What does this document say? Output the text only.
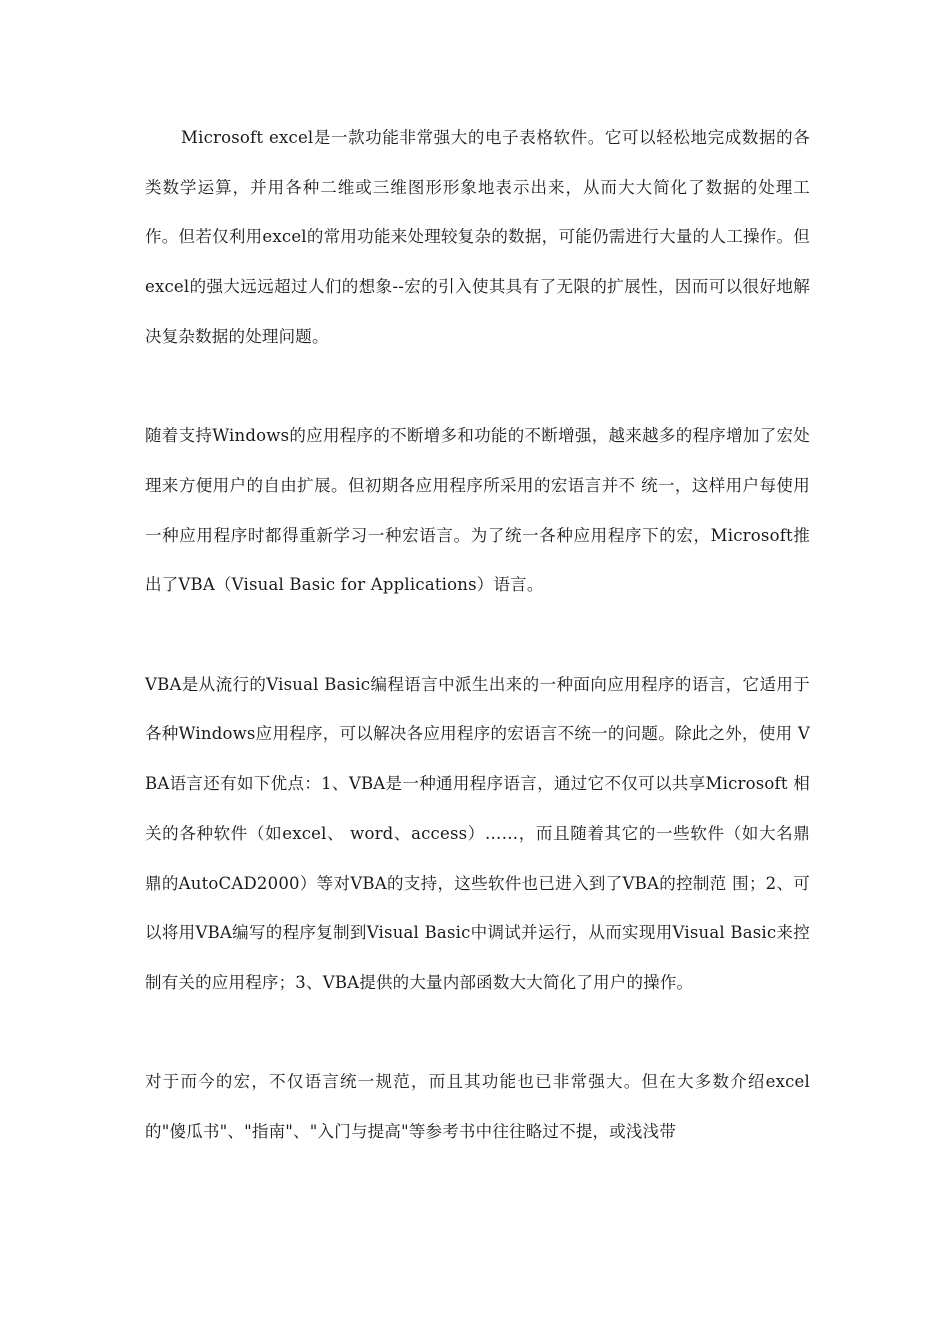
Microsoft excel是一款功能非常强大的电子表格软件。它可以轻松地完成数据的各类数学运算，并用各种二维或三维图形形象地表示出来，从而大大简化了数据的处理工作。但若仅利用excel的常用功能来处理较复杂的数据，可能仍需进行大量的人工操作。但excel的强大远远超过人们的想象--宏的引入使其具有了无限的扩展性，因而可以很好地解决复杂数据的处理问题。

随着支持Windows的应用程序的不断增多和功能的不断增强，越来越多的程序增加了宏处理来方便用户的自由扩展。但初期各应用程序所采用的宏语言并不 统一，这样用户每使用一种应用程序时都得重新学习一种宏语言。为了统一各种应用程序下的宏，Microsoft推出了VBA（Visual Basic for Applications）语言。

VBA是从流行的Visual Basic编程语言中派生出来的一种面向应用程序的语言，它适用于各种Windows应用程序，可以解决各应用程序的宏语言不统一的问题。除此之外，使用 VBA语言还有如下优点：1、VBA是一种通用程序语言，通过它不仅可以共享Microsoft 相关的各种软件（如excel、 word、access）……，而且随着其它的一些软件（如大名鼎鼎的AutoCAD2000）等对VBA的支持，这些软件也已进入到了VBA的控制范 围；2、可以将用VBA编写的程序复制到Visual Basic中调试并运行，从而实现用Visual Basic来控制有关的应用程序；3、VBA提供的大量内部函数大大简化了用户的操作。

对于而今的宏，不仅语言统一规范，而且其功能也已非常强大。但在大多数介绍excel的"傻瓜书"、"指南"、"入门与提高"等参考书中往往略过不提，或浅浅带
